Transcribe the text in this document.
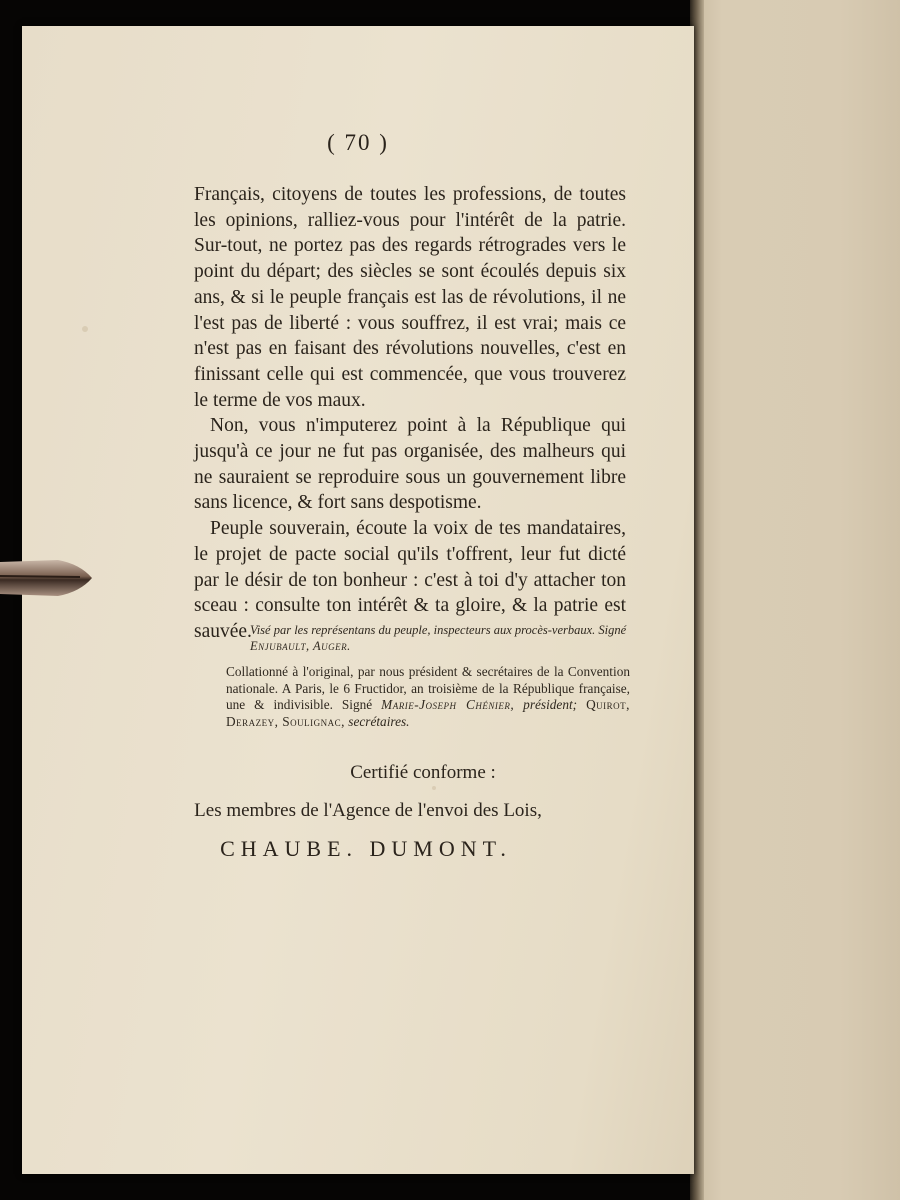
( 70 )

Français, citoyens de toutes les professions, de toutes les opinions, ralliez-vous pour l'intérêt de la patrie. Sur-tout, ne portez pas des regards rétrogrades vers le point du départ; des siècles se sont écoulés depuis six ans, & si le peuple français est las de révolutions, il ne l'est pas de liberté : vous souffrez, il est vrai; mais ce n'est pas en faisant des révolutions nouvelles, c'est en finissant celle qui est commencée, que vous trouverez le terme de vos maux.

Non, vous n'imputerez point à la République qui jusqu'à ce jour ne fut pas organisée, des malheurs qui ne sauraient se reproduire sous un gouvernement libre sans licence, & fort sans despotisme.

Peuple souverain, écoute la voix de tes mandataires, le projet de pacte social qu'ils t'offrent, leur fut dicté par le désir de ton bonheur : c'est à toi d'y attacher ton sceau : consulte ton intérêt & ta gloire, & la patrie est sauvée.

Visé par les représentans du peuple, inspecteurs aux procès-verbaux. Signé Enjubault, Auger.
Collationné à l'original, par nous président & secrétaires de la Convention nationale. A Paris, le 6 Fructidor, an troisième de la République française, une & indivisible. Signé Marie-Joseph Chénier, président; Quirot, Derazey, Soulignac, secrétaires.
Certifié conforme :
Les membres de l'Agence de l'envoi des Lois,
CHAUBE. DUMONT.
